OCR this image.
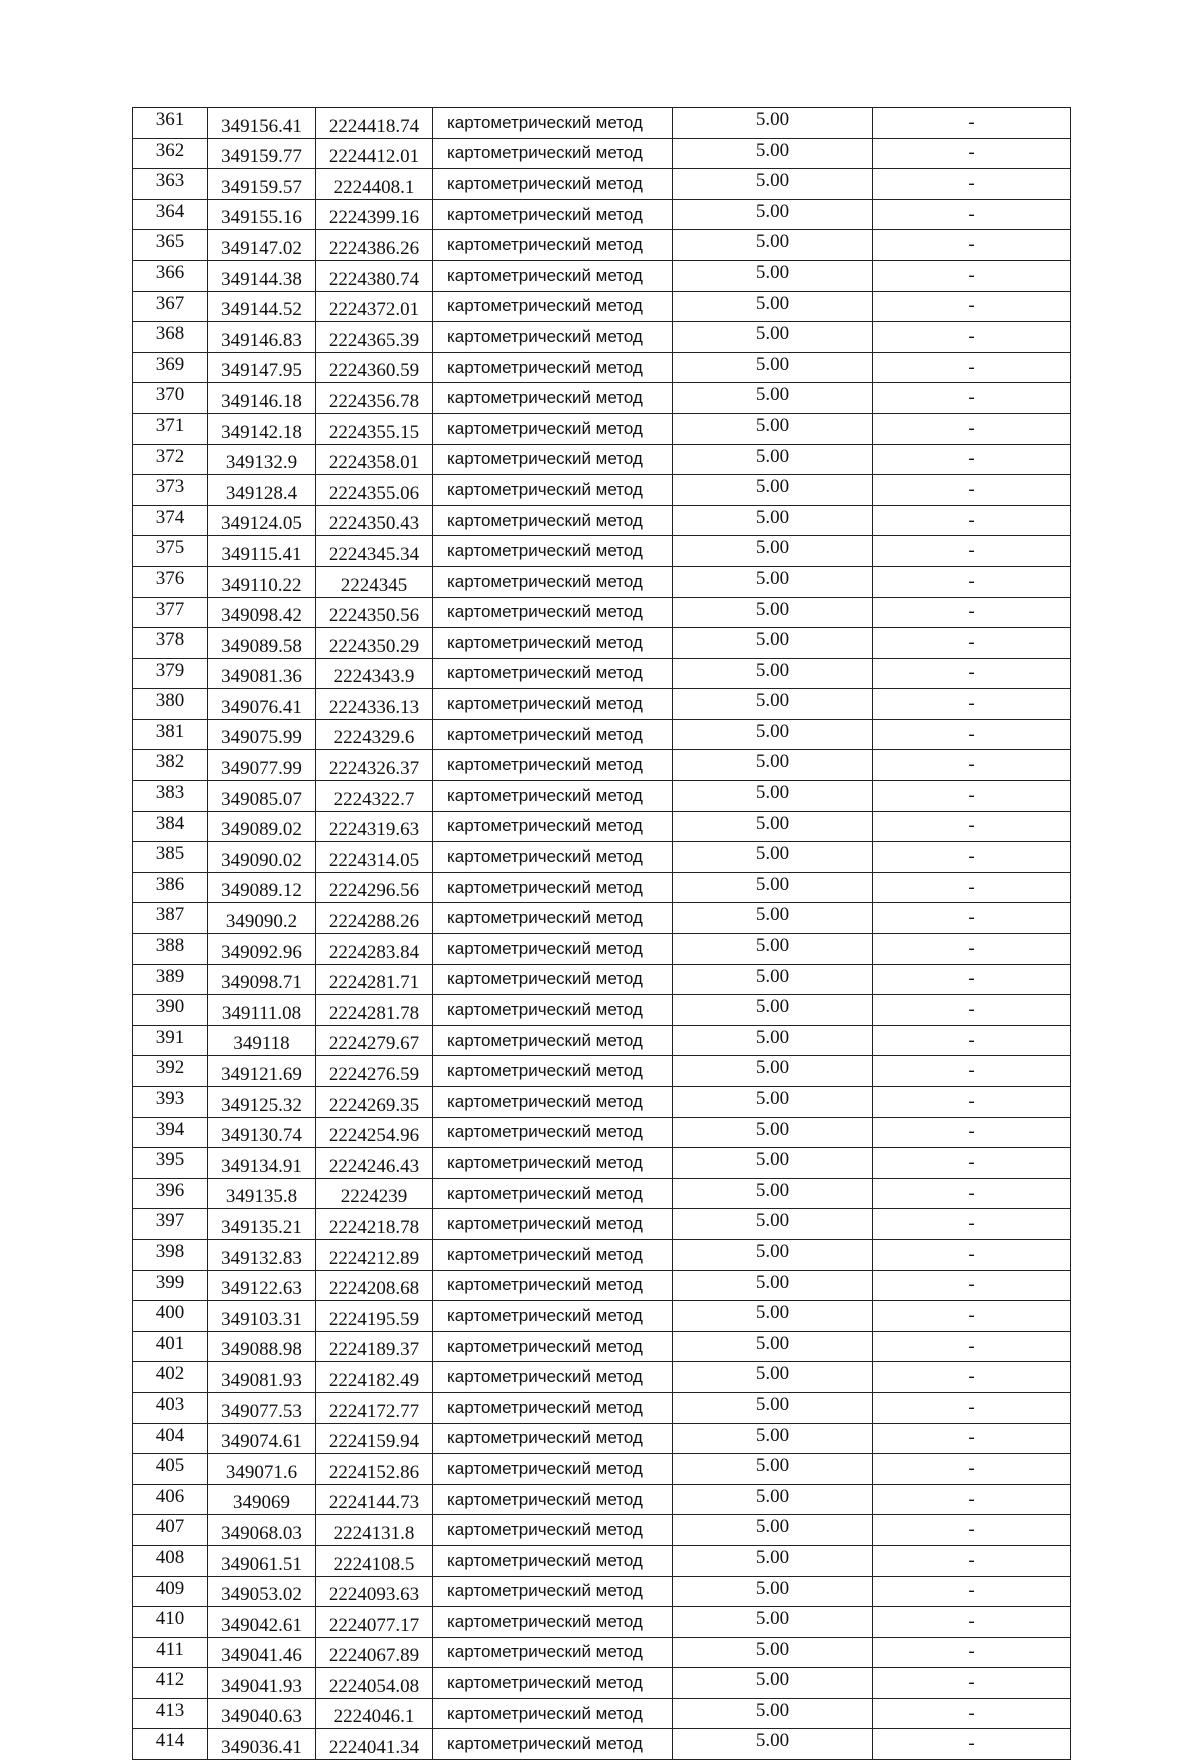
361	349156.41	2224418.74	картометрический метод	5.00	-
362	349159.77	2224412.01	картометрический метод	5.00	-
363	349159.57	2224408.1	картометрический метод	5.00	-
364	349155.16	2224399.16	картометрический метод	5.00	-
365	349147.02	2224386.26	картометрический метод	5.00	-
366	349144.38	2224380.74	картометрический метод	5.00	-
367	349144.52	2224372.01	картометрический метод	5.00	-
368	349146.83	2224365.39	картометрический метод	5.00	-
369	349147.95	2224360.59	картометрический метод	5.00	-
370	349146.18	2224356.78	картометрический метод	5.00	-
371	349142.18	2224355.15	картометрический метод	5.00	-
372	349132.9	2224358.01	картометрический метод	5.00	-
373	349128.4	2224355.06	картометрический метод	5.00	-
374	349124.05	2224350.43	картометрический метод	5.00	-
375	349115.41	2224345.34	картометрический метод	5.00	-
376	349110.22	2224345	картометрический метод	5.00	-
377	349098.42	2224350.56	картометрический метод	5.00	-
378	349089.58	2224350.29	картометрический метод	5.00	-
379	349081.36	2224343.9	картометрический метод	5.00	-
380	349076.41	2224336.13	картометрический метод	5.00	-
381	349075.99	2224329.6	картометрический метод	5.00	-
382	349077.99	2224326.37	картометрический метод	5.00	-
383	349085.07	2224322.7	картометрический метод	5.00	-
384	349089.02	2224319.63	картометрический метод	5.00	-
385	349090.02	2224314.05	картометрический метод	5.00	-
386	349089.12	2224296.56	картометрический метод	5.00	-
387	349090.2	2224288.26	картометрический метод	5.00	-
388	349092.96	2224283.84	картометрический метод	5.00	-
389	349098.71	2224281.71	картометрический метод	5.00	-
390	349111.08	2224281.78	картометрический метод	5.00	-
391	349118	2224279.67	картометрический метод	5.00	-
392	349121.69	2224276.59	картометрический метод	5.00	-
393	349125.32	2224269.35	картометрический метод	5.00	-
394	349130.74	2224254.96	картометрический метод	5.00	-
395	349134.91	2224246.43	картометрический метод	5.00	-
396	349135.8	2224239	картометрический метод	5.00	-
397	349135.21	2224218.78	картометрический метод	5.00	-
398	349132.83	2224212.89	картометрический метод	5.00	-
399	349122.63	2224208.68	картометрический метод	5.00	-
400	349103.31	2224195.59	картометрический метод	5.00	-
401	349088.98	2224189.37	картометрический метод	5.00	-
402	349081.93	2224182.49	картометрический метод	5.00	-
403	349077.53	2224172.77	картометрический метод	5.00	-
404	349074.61	2224159.94	картометрический метод	5.00	-
405	349071.6	2224152.86	картометрический метод	5.00	-
406	349069	2224144.73	картометрический метод	5.00	-
407	349068.03	2224131.8	картометрический метод	5.00	-
408	349061.51	2224108.5	картометрический метод	5.00	-
409	349053.02	2224093.63	картометрический метод	5.00	-
410	349042.61	2224077.17	картометрический метод	5.00	-
411	349041.46	2224067.89	картометрический метод	5.00	-
412	349041.93	2224054.08	картометрический метод	5.00	-
413	349040.63	2224046.1	картометрический метод	5.00	-
414	349036.41	2224041.34	картометрический метод	5.00	-
